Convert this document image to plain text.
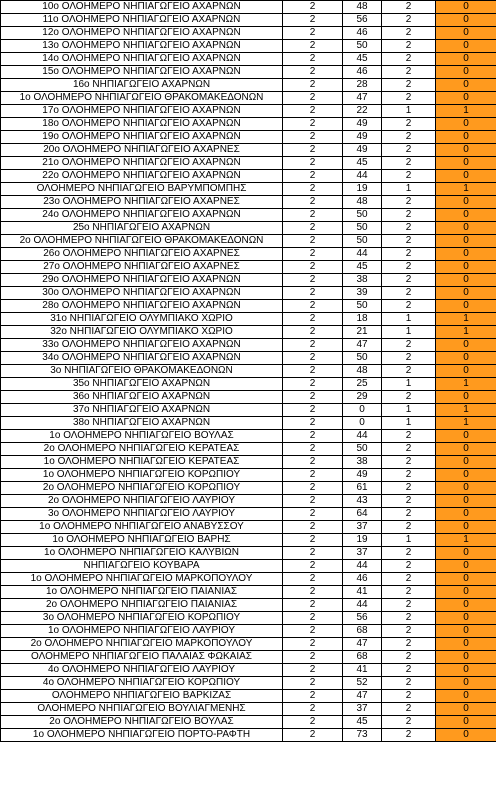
10ο ΟΛΟΗΜΕΡΟ ΝΗΠΙΑΓΩΓΕΙΟ ΑΧΑΡΝΩΝ	2	48	2	0
11ο ΟΛΟΗΜΕΡΟ ΝΗΠΙΑΓΩΓΕΙΟ ΑΧΑΡΝΩΝ	2	56	2	0
12ο ΟΛΟΗΜΕΡΟ ΝΗΠΙΑΓΩΓΕΙΟ ΑΧΑΡΝΩΝ	2	46	2	0
13ο ΟΛΟΗΜΕΡΟ ΝΗΠΙΑΓΩΓΕΙΟ ΑΧΑΡΝΩΝ	2	50	2	0
14ο ΟΛΟΗΜΕΡΟ ΝΗΠΙΑΓΩΓΕΙΟ ΑΧΑΡΝΩΝ	2	45	2	0
15ο ΟΛΟΗΜΕΡΟ ΝΗΠΙΑΓΩΓΕΙΟ ΑΧΑΡΝΩΝ	2	46	2	0
16ο ΝΗΠΙΑΓΩΓΕΙΟ ΑΧΑΡΝΩΝ	2	28	2	0
1ο ΟΛΟΗΜΕΡΟ ΝΗΠΙΑΓΩΓΕΙΟ ΘΡΑΚΟΜΑΚΕΔΟΝΩΝ	2	47	2	0
17ο ΟΛΟΗΜΕΡΟ ΝΗΠΙΑΓΩΓΕΙΟ ΑΧΑΡΝΩΝ	2	22	1	1
18ο ΟΛΟΗΜΕΡΟ ΝΗΠΙΑΓΩΓΕΙΟ ΑΧΑΡΝΩΝ	2	49	2	0
19ο ΟΛΟΗΜΕΡΟ ΝΗΠΙΑΓΩΓΕΙΟ ΑΧΑΡΝΩΝ	2	49	2	0
20ο ΟΛΟΗΜΕΡΟ ΝΗΠΙΑΓΩΓΕΙΟ ΑΧΑΡΝΕΣ	2	49	2	0
21ο ΟΛΟΗΜΕΡΟ ΝΗΠΙΑΓΩΓΕΙΟ ΑΧΑΡΝΩΝ	2	45	2	0
22ο ΟΛΟΗΜΕΡΟ ΝΗΠΙΑΓΩΓΕΙΟ ΑΧΑΡΝΩΝ	2	44	2	0
ΟΛΟΗΜΕΡΟ ΝΗΠΙΑΓΩΓΕΙΟ ΒΑΡΥΜΠΟΜΠΗΣ	2	19	1	1
23ο ΟΛΟΗΜΕΡΟ ΝΗΠΙΑΓΩΓΕΙΟ ΑΧΑΡΝΕΣ	2	48	2	0
24ο ΟΛΟΗΜΕΡΟ ΝΗΠΙΑΓΩΓΕΙΟ ΑΧΑΡΝΩΝ	2	50	2	0
25ο ΝΗΠΙΑΓΩΓΕΙΟ ΑΧΑΡΝΩΝ	2	50	2	0
2ο ΟΛΟΗΜΕΡΟ ΝΗΠΙΑΓΩΓΕΙΟ ΘΡΑΚΟΜΑΚΕΔΟΝΩΝ	2	50	2	0
26ο ΟΛΟΗΜΕΡΟ ΝΗΠΙΑΓΩΓΕΙΟ ΑΧΑΡΝΕΣ	2	44	2	0
27ο ΟΛΟΗΜΕΡΟ ΝΗΠΙΑΓΩΓΕΙΟ ΑΧΑΡΝΕΣ	2	45	2	0
29ο ΟΛΟΗΜΕΡΟ ΝΗΠΙΑΓΩΓΕΙΟ ΑΧΑΡΝΩΝ	2	38	2	0
30ο ΟΛΟΗΜΕΡΟ ΝΗΠΙΑΓΩΓΕΙΟ ΑΧΑΡΝΩΝ	2	39	2	0
28ο ΟΛΟΗΜΕΡΟ ΝΗΠΙΑΓΩΓΕΙΟ ΑΧΑΡΝΩΝ	2	50	2	0
31ο ΝΗΠΙΑΓΩΓΕΙΟ ΟΛΥΜΠΙΑΚΟ ΧΩΡΙΟ	2	18	1	1
32ο ΝΗΠΙΑΓΩΓΕΙΟ ΟΛΥΜΠΙΑΚΟ ΧΩΡΙΟ	2	21	1	1
33ο ΟΛΟΗΜΕΡΟ ΝΗΠΙΑΓΩΓΕΙΟ ΑΧΑΡΝΩΝ	2	47	2	0
34ο ΟΛΟΗΜΕΡΟ ΝΗΠΙΑΓΩΓΕΙΟ ΑΧΑΡΝΩΝ	2	50	2	0
3ο ΝΗΠΙΑΓΩΓΕΙΟ ΘΡΑΚΟΜΑΚΕΔΟΝΩΝ	2	48	2	0
35ο ΝΗΠΙΑΓΩΓΕΙΟ ΑΧΑΡΝΩΝ	2	25	1	1
36ο ΝΗΠΙΑΓΩΓΕΙΟ ΑΧΑΡΝΩΝ	2	29	2	0
37ο ΝΗΠΙΑΓΩΓΕΙΟ ΑΧΑΡΝΩΝ	2	0	1	1
38ο ΝΗΠΙΑΓΩΓΕΙΟ ΑΧΑΡΝΩΝ	2	0	1	1
1ο ΟΛΟΗΜΕΡΟ ΝΗΠΙΑΓΩΓΕΙΟ ΒΟΥΛΑΣ	2	44	2	0
2ο ΟΛΟΗΜΕΡΟ ΝΗΠΙΑΓΩΓΕΙΟ ΚΕΡΑΤΕΑΣ	2	50	2	0
1ο ΟΛΟΗΜΕΡΟ ΝΗΠΙΑΓΩΓΕΙΟ ΚΕΡΑΤΕΑΣ	2	38	2	0
1ο ΟΛΟΗΜΕΡΟ ΝΗΠΙΑΓΩΓΕΙΟ ΚΟΡΩΠΙΟΥ	2	49	2	0
2ο ΟΛΟΗΜΕΡΟ ΝΗΠΙΑΓΩΓΕΙΟ ΚΟΡΩΠΙΟΥ	2	61	2	0
2ο ΟΛΟΗΜΕΡΟ ΝΗΠΙΑΓΩΓΕΙΟ ΛΑΥΡΙΟΥ	2	43	2	0
3ο ΟΛΟΗΜΕΡΟ ΝΗΠΙΑΓΩΓΕΙΟ ΛΑΥΡΙΟΥ	2	64	2	0
1ο ΟΛΟΗΜΕΡΟ ΝΗΠΙΑΓΩΓΕΙΟ ΑΝΑΒΥΣΣΟΥ	2	37	2	0
1ο ΟΛΟΗΜΕΡΟ ΝΗΠΙΑΓΩΓΕΙΟ ΒΑΡΗΣ	2	19	1	1
1ο ΟΛΟΗΜΕΡΟ ΝΗΠΙΑΓΩΓΕΙΟ ΚΑΛΥΒΙΩΝ	2	37	2	0
ΝΗΠΙΑΓΩΓΕΙΟ ΚΟΥΒΑΡΑ	2	44	2	0
1ο ΟΛΟΗΜΕΡΟ ΝΗΠΙΑΓΩΓΕΙΟ ΜΑΡΚΟΠΟΥΛΟΥ	2	46	2	0
1ο ΟΛΟΗΜΕΡΟ ΝΗΠΙΑΓΩΓΕΙΟ ΠΑΙΑΝΙΑΣ	2	41	2	0
2ο ΟΛΟΗΜΕΡΟ ΝΗΠΙΑΓΩΓΕΙΟ ΠΑΙΑΝΙΑΣ	2	44	2	0
3ο ΟΛΟΗΜΕΡΟ ΝΗΠΙΑΓΩΓΕΙΟ ΚΟΡΩΠΙΟΥ	2	56	2	0
1ο ΟΛΟΗΜΕΡΟ ΝΗΠΙΑΓΩΓΕΙΟ ΛΑΥΡΙΟΥ	2	68	2	0
2ο ΟΛΟΗΜΕΡΟ ΝΗΠΙΑΓΩΓΕΙΟ ΜΑΡΚΟΠΟΥΛΟΥ	2	47	2	0
ΟΛΟΗΜΕΡΟ ΝΗΠΙΑΓΩΓΕΙΟ ΠΑΛΑΙΑΣ ΦΩΚΑΙΑΣ	2	68	2	0
4ο ΟΛΟΗΜΕΡΟ ΝΗΠΙΑΓΩΓΕΙΟ ΛΑΥΡΙΟΥ	2	41	2	0
4ο ΟΛΟΗΜΕΡΟ ΝΗΠΙΑΓΩΓΕΙΟ ΚΟΡΩΠΙΟΥ	2	52	2	0
ΟΛΟΗΜΕΡΟ ΝΗΠΙΑΓΩΓΕΙΟ ΒΑΡΚΙΖΑΣ	2	47	2	0
ΟΛΟΗΜΕΡΟ ΝΗΠΙΑΓΩΓΕΙΟ ΒΟΥΛΙΑΓΜΕΝΗΣ	2	37	2	0
2ο ΟΛΟΗΜΕΡΟ ΝΗΠΙΑΓΩΓΕΙΟ ΒΟΥΛΑΣ	2	45	2	0
1ο ΟΛΟΗΜΕΡΟ ΝΗΠΙΑΓΩΓΕΙΟ ΠΟΡΤΟ-ΡΑΦΤΗ	2	73	2	0
